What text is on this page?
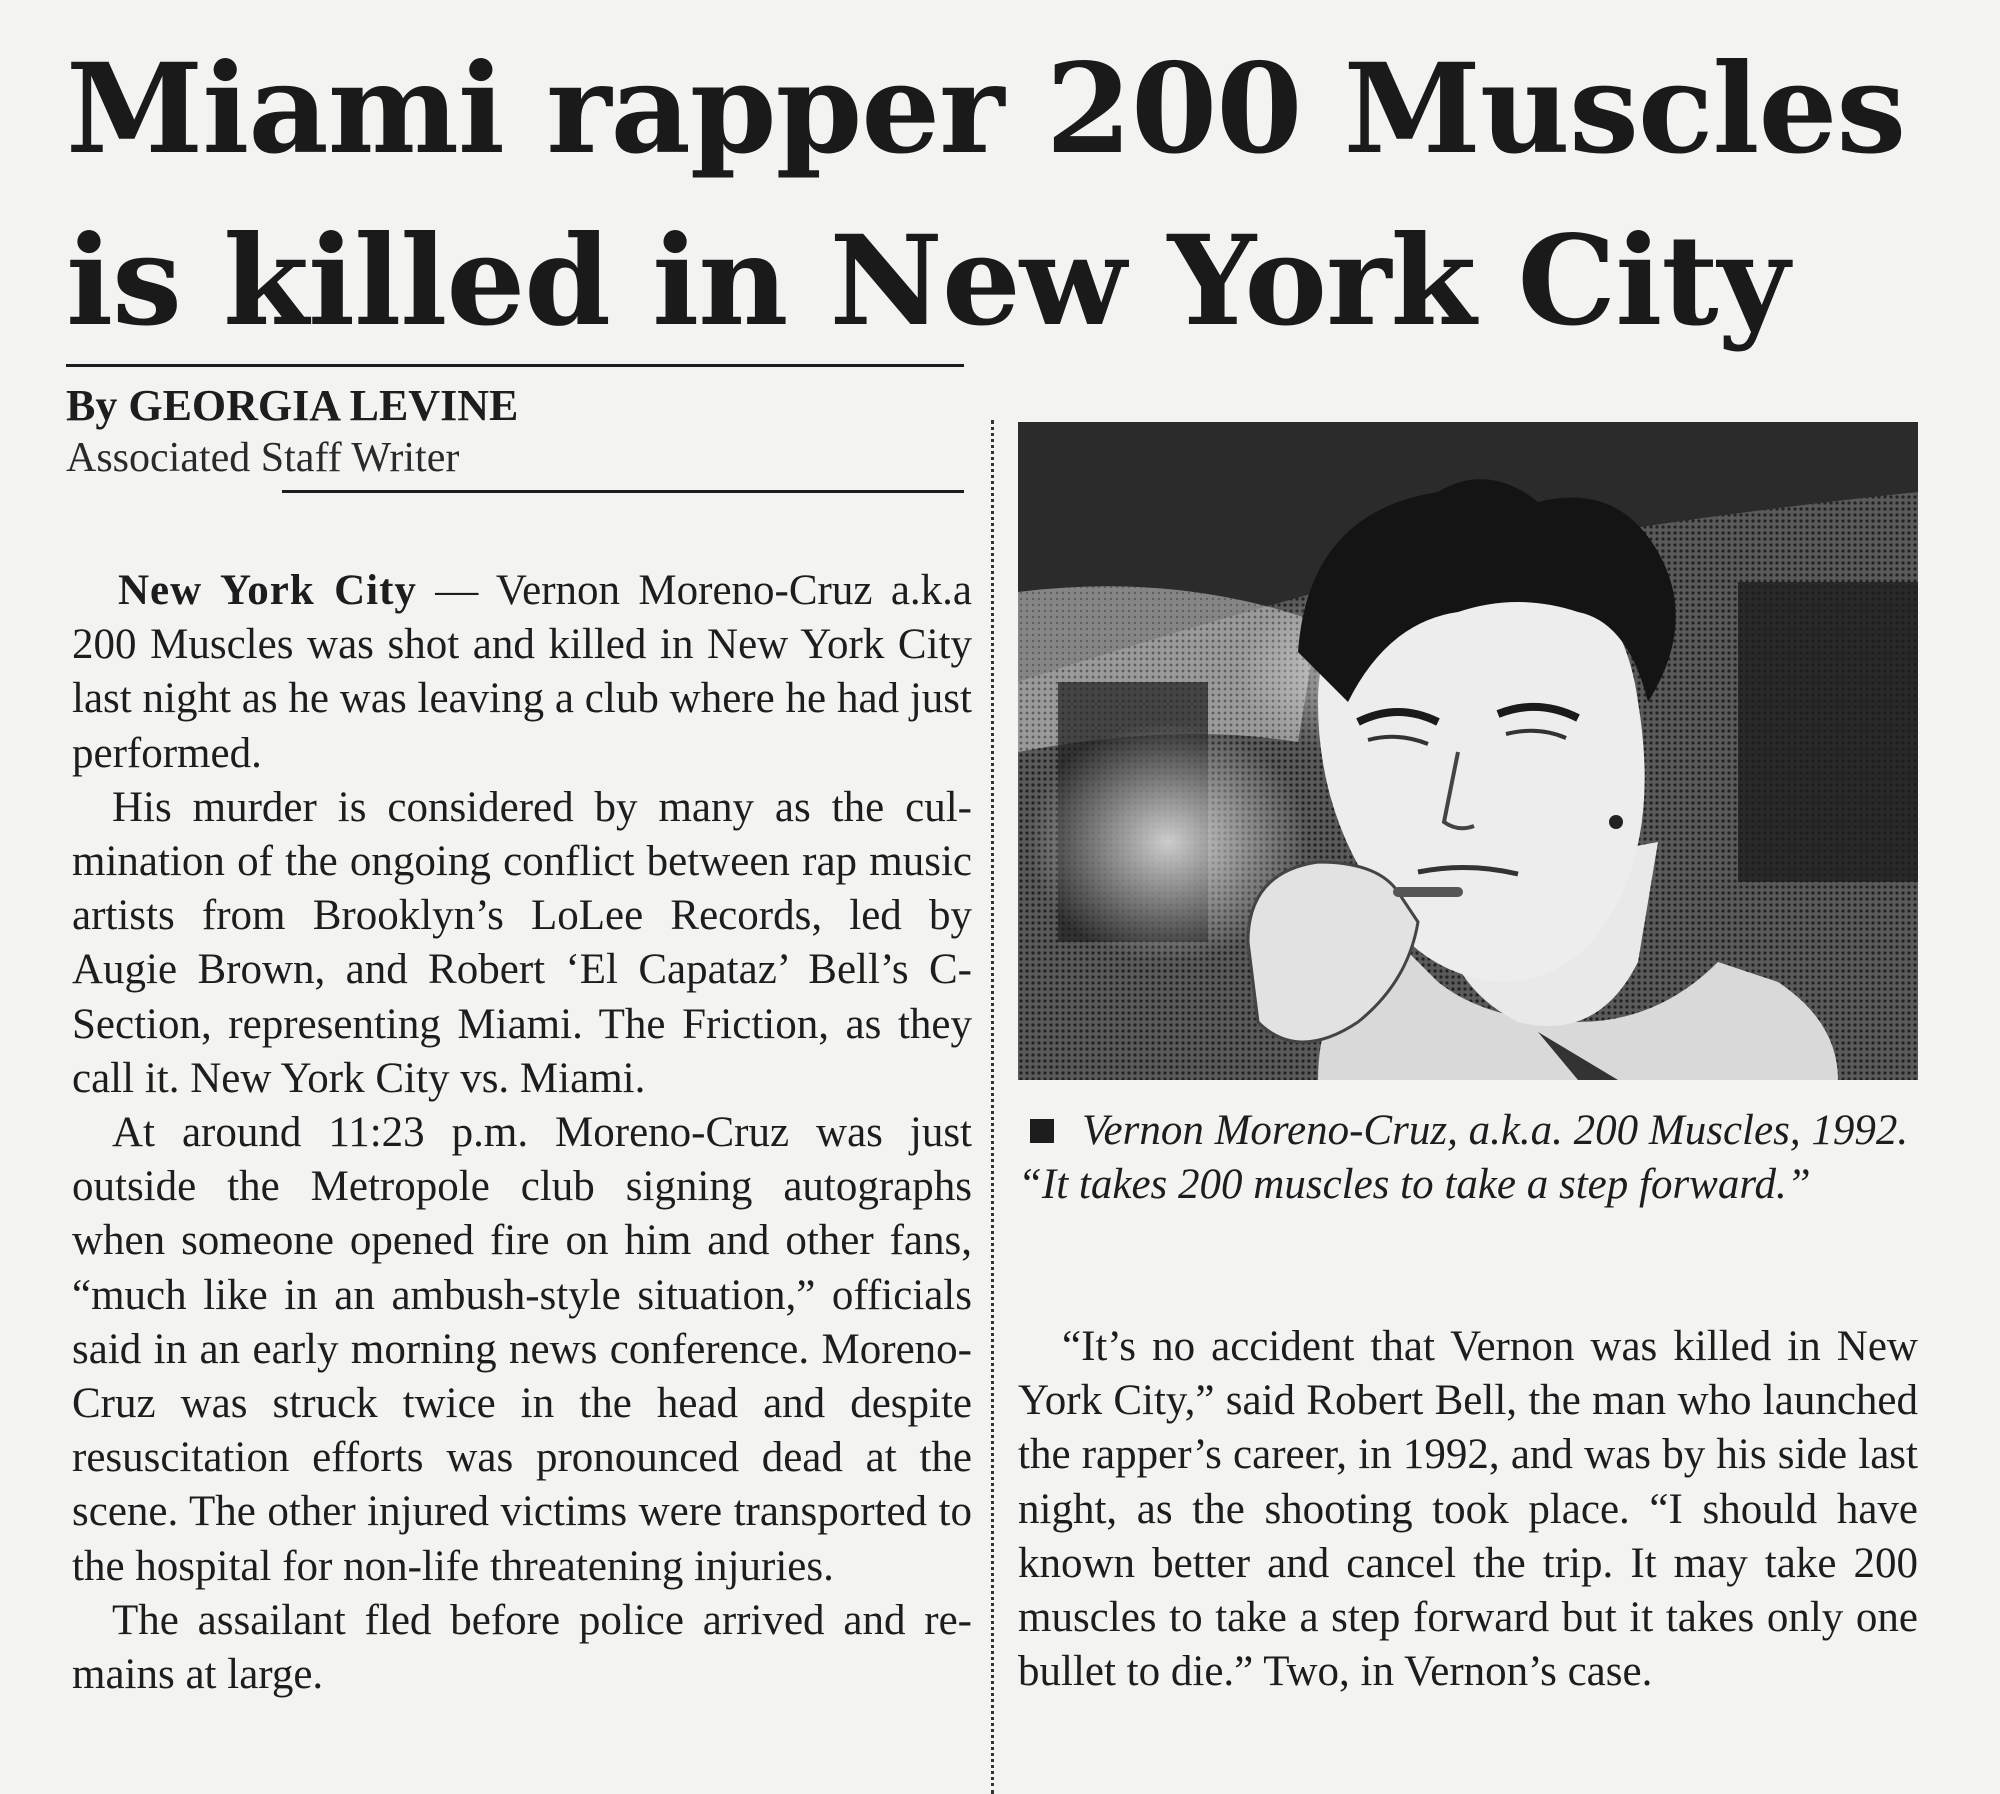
Miami rapper 200 Muscles
is killed in New York City
By GEORGIA LEVINE
Associated Staff Writer

New York City — Vernon Moreno-Cruz a.k.a 200 Muscles was shot and killed in New York City last night as he was leaving a club where he had just performed.

His murder is considered by many as the culmination of the ongoing conflict between rap music artists from Brooklyn’s LoLee Records, led by Augie Brown, and Robert ‘El Capataz’ Bell’s C-Section, representing Miami. The Friction, as they call it. New York City vs. Miami.

At around 11:23 p.m. Moreno-Cruz was just outside the Metropole club signing autographs when someone opened fire on him and other fans, “much like in an ambush-style situation,” officials said in an early morning news conference. Moreno-Cruz was struck twice in the head and despite resuscitation efforts was pronounced dead at the scene. The other injured victims were transported to the hospital for non-life threatening injuries.

The assailant fled before police arrived and remains at large.

Vernon Moreno-Cruz, a.k.a. 200 Muscles, 1992.
“It takes 200 muscles to take a step forward.”

“It’s no accident that Vernon was killed in New York City,” said Robert Bell, the man who launched the rapper’s career, in 1992, and was by his side last night, as the shooting took place. “I should have known better and cancel the trip. It may take 200 muscles to take a step forward but it takes only one bullet to die.” Two, in Vernon’s case.
